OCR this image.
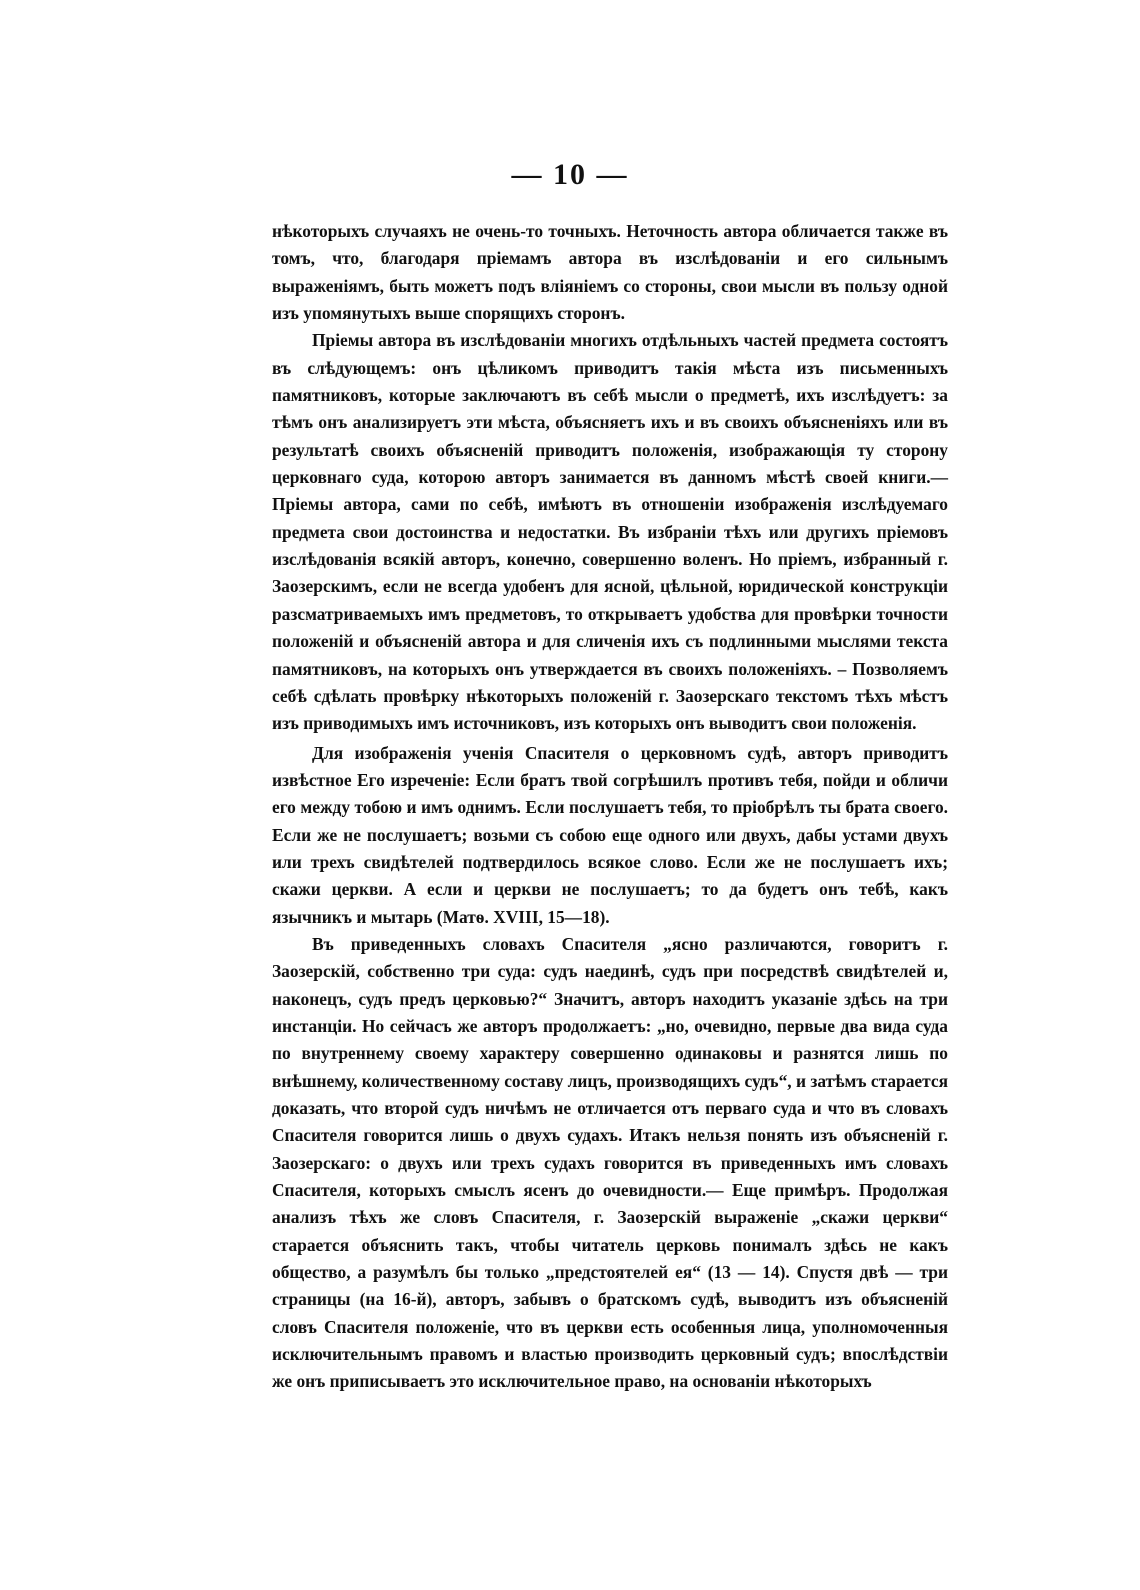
— 10 —

нѣкоторыхъ случаяхъ не очень-то точныхъ. Неточность автора обличается также въ томъ, что, благодаря пріемамъ автора въ изслѣдованіи и его сильнымъ выраженіямъ, быть можетъ подъ вліяніемъ со стороны, свои мысли въ пользу одной изъ упомянутыхъ выше спорящихъ сторонъ.

Пріемы автора въ изслѣдованіи многихъ отдѣльныхъ частей предмета состоятъ въ слѣдующемъ: онъ цѣликомъ приводитъ такія мѣста изъ письменныхъ памятниковъ, которые заключаютъ въ себѣ мысли о предметѣ, ихъ изслѣдуетъ: за тѣмъ онъ анализируетъ эти мѣста, объясняетъ ихъ и въ своихъ объясненіяхъ или въ результатѣ своихъ объясненій приводитъ положенія, изображающія ту сторону церковнаго суда, которою авторъ занимается въ данномъ мѣстѣ своей книги.—Пріемы автора, сами по себѣ, имѣютъ въ отношеніи изображенія изслѣдуемаго предмета свои достоинства и недостатки. Въ избраніи тѣхъ или другихъ пріемовъ изслѣдованія всякій авторъ, конечно, совершенно воленъ. Но пріемъ, избранный г. Заозерскимъ, если не всегда удобенъ для ясной, цѣльной, юридической конструкціи разсматриваемыхъ имъ предметовъ, то открываетъ удобства для провѣрки точности положеній и объясненій автора и для сличенія ихъ съ подлинными мыслями текста памятниковъ, на которыхъ онъ утверждается въ своихъ положеніяхъ. – Позволяемъ себѣ сдѣлать провѣрку нѣкоторыхъ положеній г. Заозерскаго текстомъ тѣхъ мѣстъ изъ приводимыхъ имъ источниковъ, изъ которыхъ онъ выводитъ свои положенія.

Для изображенія ученія Спасителя о церковномъ судѣ, авторъ приводитъ извѣстное Его изреченіе: Если братъ твой согрѣшилъ противъ тебя, пойди и обличи его между тобою и имъ однимъ. Если послушаетъ тебя, то пріобрѣлъ ты брата своего. Если же не послушаетъ; возьми съ собою еще одного или двухъ, дабы устами двухъ или трехъ свидѣтелей подтвердилось всякое слово. Если же не послушаетъ ихъ; скажи церкви. А если и церкви не послушаетъ; то да будетъ онъ тебѣ, какъ язычникъ и мытарь (Матѳ. XVIII, 15—18).

Въ приведенныхъ словахъ Спасителя „ясно различаются, говоритъ г. Заозерскій, собственно три суда: судъ наединѣ, судъ при посредствѣ свидѣтелей и, наконецъ, судъ предъ церковью?“ Значитъ, авторъ находитъ указаніе здѣсь на три инстанціи. Но сейчасъ же авторъ продолжаетъ: „но, очевидно, первые два вида суда по внутреннему своему характеру совершенно одинаковы и разнятся лишь по внѣшнему, количественному составу лицъ, производящихъ судъ“, и затѣмъ старается доказать, что второй судъ ничѣмъ не отличается отъ перваго суда и что въ словахъ Спасителя говорится лишь о двухъ судахъ. Итакъ нельзя понять изъ объясненій г. Заозерскаго: о двухъ или трехъ судахъ говорится въ приведенныхъ имъ словахъ Спасителя, которыхъ смыслъ ясенъ до очевидности.— Еще примѣръ. Продолжая анализъ тѣхъ же словъ Спасителя, г. Заозерскій выраженіе „скажи церкви“ старается объяснить такъ, чтобы читатель церковь понималъ здѣсь не какъ общество, а разумѣлъ бы только „предстоятелей ея“ (13 — 14). Спустя двѣ — три страницы (на 16-й), авторъ, забывъ о братскомъ судѣ, выводитъ изъ объясненій словъ Спасителя положеніе, что въ церкви есть особенныя лица, уполномоченныя исключительнымъ правомъ и властью производить церковный судъ; впослѣдствіи же онъ приписываетъ это исключительное право, на основаніи нѣкоторыхъ
